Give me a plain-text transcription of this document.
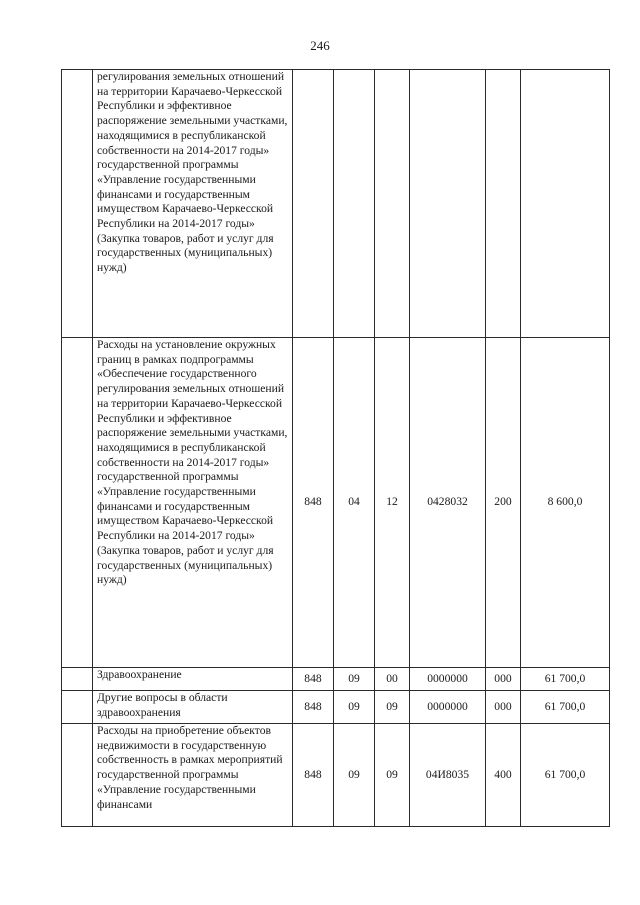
246
	регулирования земельных отношений на территории Карачаево-Черкесской Республики и эффективное распоряжение земельными участками, находящимися в республиканской собственности на 2014-2017 годы» государственной программы «Управление государственными финансами и государственным имуществом Карачаево-Черкесской Республики на 2014-2017 годы» (Закупка товаров, работ и услуг для государственных (муниципальных) нужд)						
	Расходы на установление окружных границ в рамках подпрограммы «Обеспечение государственного регулирования земельных отношений на территории Карачаево-Черкесской Республики и эффективное распоряжение земельными участками, находящимися в республиканской собственности на 2014-2017 годы» государственной программы «Управление государственными финансами и государственным имуществом Карачаево-Черкесской Республики на 2014-2017 годы» (Закупка товаров, работ и услуг для государственных (муниципальных) нужд)	848	04	12	0428032	200	8 600,0
	Здравоохранение	848	09	00	0000000	000	61 700,0
	Другие вопросы в области здравоохранения	848	09	09	0000000	000	61 700,0
	Расходы на приобретение объектов недвижимости в государственную собственность в рамках мероприятий государственной программы «Управление государственными финансами	848	09	09	04И8035	400	61 700,0
